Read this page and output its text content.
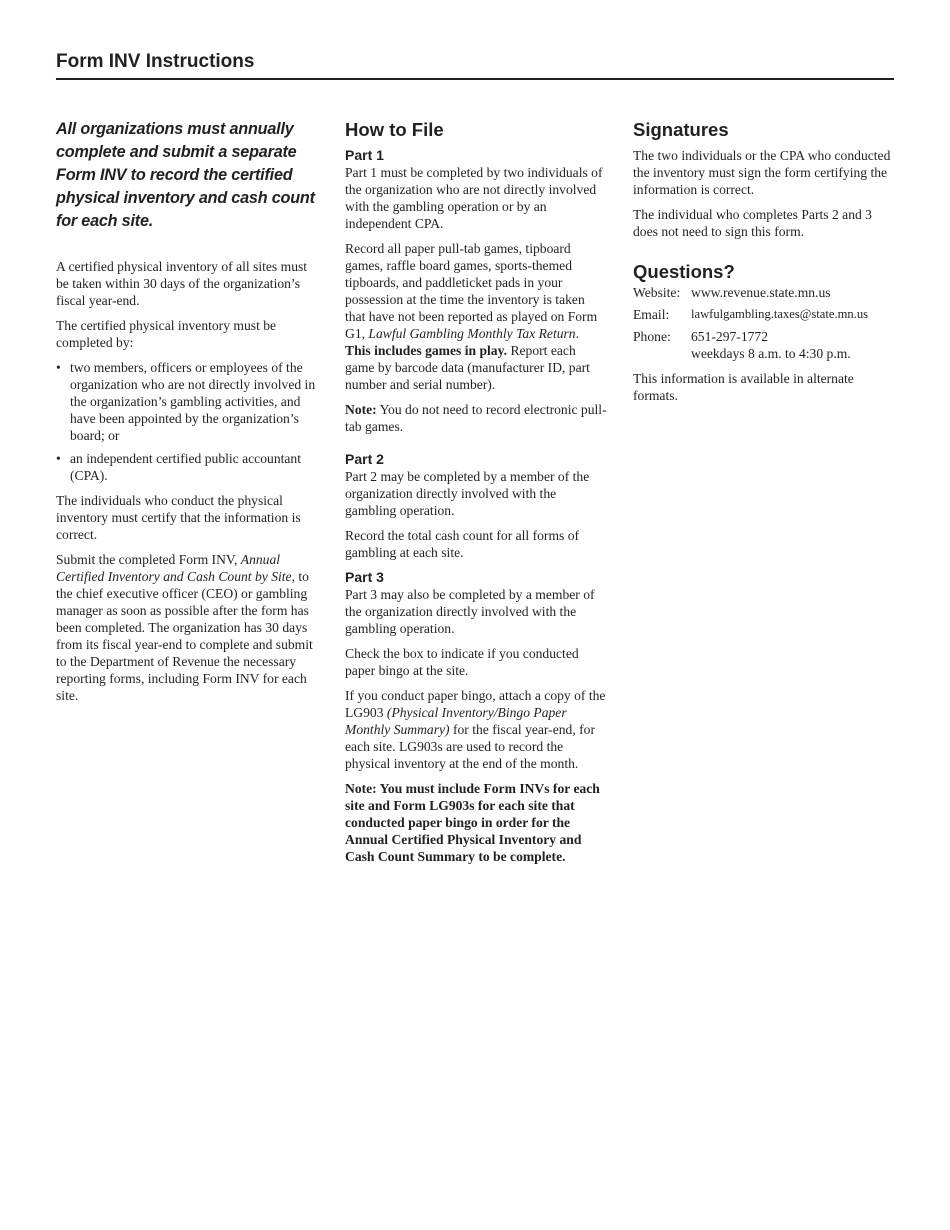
Form INV Instructions

All organizations must annually complete and submit a separate Form INV to record the certified physical inventory and cash count for each site.

A certified physical inventory of all sites must be taken within 30 days of the organization’s fiscal year-end.

The certified physical inventory must be completed by:

• two members, officers or employees of the organization who are not directly involved in the organization’s gambling activities, and have been appointed by the organization’s board; or
• an independent certified public accountant (CPA).

The individuals who conduct the physical inventory must certify that the information is correct.

Submit the completed Form INV, Annual Certified Inventory and Cash Count by Site, to the chief executive officer (CEO) or gambling manager as soon as possible after the form has been completed. The organization has 30 days from its fiscal year-end to complete and submit to the Department of Revenue the necessary reporting forms, including Form INV for each site.

How to File
Part 1

Part 1 must be completed by two individuals of the organization who are not directly involved with the gambling operation or by an independent CPA.

Record all paper pull-tab games, tipboard games, raffle board games, sports-themed tipboards, and paddleticket pads in your possession at the time the inventory is taken that have not been reported as played on Form G1, Lawful Gambling Monthly Tax Return. This includes games in play. Report each game by barcode data (manufacturer ID, part number and serial number).

Note: You do not need to record electronic pull-tab games.

Part 2

Part 2 may be completed by a member of the organization directly involved with the gambling operation.

Record the total cash count for all forms of gambling at each site.

Part 3

Part 3 may also be completed by a member of the organization directly involved with the gambling operation.

Check the box to indicate if you conducted paper bingo at the site.

If you conduct paper bingo, attach a copy of the LG903 (Physical Inventory/Bingo Paper Monthly Summary) for the fiscal year-end, for each site. LG903s are used to record the physical inventory at the end of the month.

Note: You must include Form INVs for each site and Form LG903s for each site that conducted paper bingo in order for the Annual Certified Physical Inventory and Cash Count Summary to be complete.

Signatures

The two individuals or the CPA who conducted the inventory must sign the form certifying the information is correct.

The individual who completes Parts 2 and 3 does not need to sign this form.

Questions?
Website: www.revenue.state.mn.us
Email:	lawfulgambling.taxes@state.mn.us
Phone:	651-297-1772
weekdays 8 a.m. to 4:30 p.m.

This information is available in alternate formats.
